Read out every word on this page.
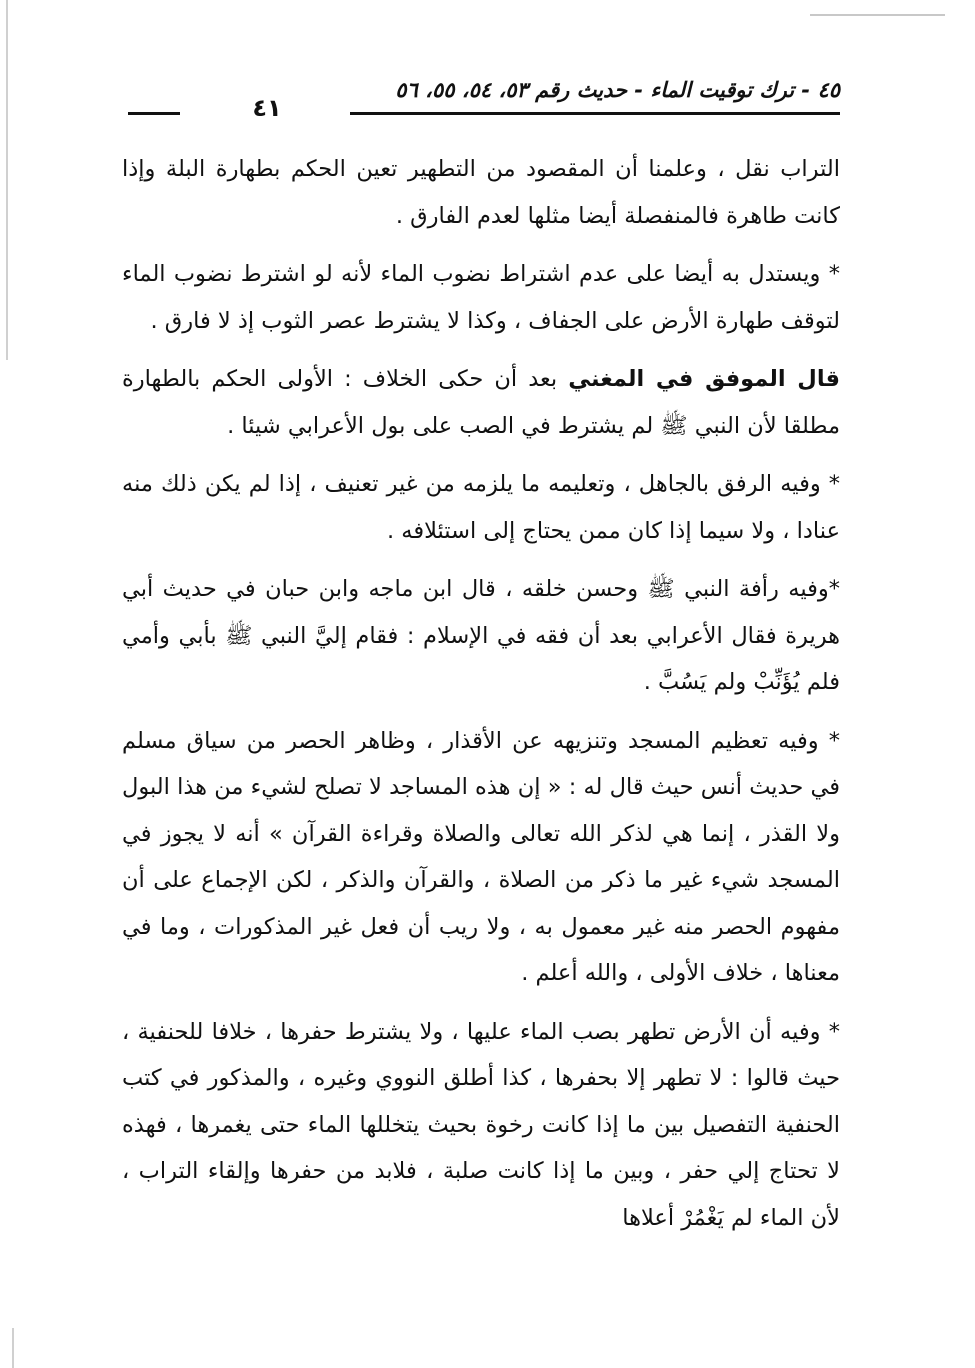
٤٥ - ترك توقيت الماء - حديث رقم ٥٣، ٥٤، ٥٥، ٥٦
٤١

التراب نقل ، وعلمنا أن المقصود من التطهير تعين الحكم بطهارة البلة وإذا كانت طاهرة فالمنفصلة أيضا مثلها لعدم الفارق .

* ويستدل به أيضا على عدم اشتراط نضوب الماء لأنه لو اشترط نضوب الماء لتوقف طهارة الأرض على الجفاف ، وكذا لا يشترط عصر الثوب إذ لا فارق .

قال الموفق في المغني بعد أن حكى الخلاف : الأولى الحكم بالطهارة مطلقا لأن النبي ﷺ لم يشترط في الصب على بول الأعرابي شيئا .

* وفيه الرفق بالجاهل ، وتعليمه ما يلزمه من غير تعنيف ، إذا لم يكن ذلك منه عنادا ، ولا سيما إذا كان ممن يحتاج إلى استئلافه .

*وفيه رأفة النبي ﷺ وحسن خلقه ، قال ابن ماجه وابن حبان في حديث أبي هريرة فقال الأعرابي بعد أن فقه في الإسلام : فقام إليَّ النبي ﷺ بأبي وأمي فلم يُؤَنِّبْ ولم يَسُبَّ .

* وفيه تعظيم المسجد وتنزيهه عن الأقذار ، وظاهر الحصر من سياق مسلم في حديث أنس حيث قال له : « إن هذه المساجد لا تصلح لشيء من هذا البول ولا القذر ، إنما هي لذكر الله تعالى والصلاة وقراءة القرآن » أنه لا يجوز في المسجد شيء غير ما ذكر من الصلاة ، والقرآن والذكر ، لكن الإجماع على أن مفهوم الحصر منه غير معمول به ، ولا ريب أن فعل غير المذكورات ، وما في معناها ، خلاف الأولى ، والله أعلم .

* وفيه أن الأرض تطهر بصب الماء عليها ، ولا يشترط حفرها ، خلافا للحنفية ، حيث قالوا : لا تطهر إلا بحفرها ، كذا أطلق النووي وغيره ، والمذكور في كتب الحنفية التفصيل بين ما إذا كانت رخوة بحيث يتخللها الماء حتى يغمرها ، فهذه لا تحتاج إلي حفر ، وبين ما إذا كانت صلبة ، فلابد من حفرها وإلقاء التراب ، لأن الماء لم يَغْمُرْ أعلاها
